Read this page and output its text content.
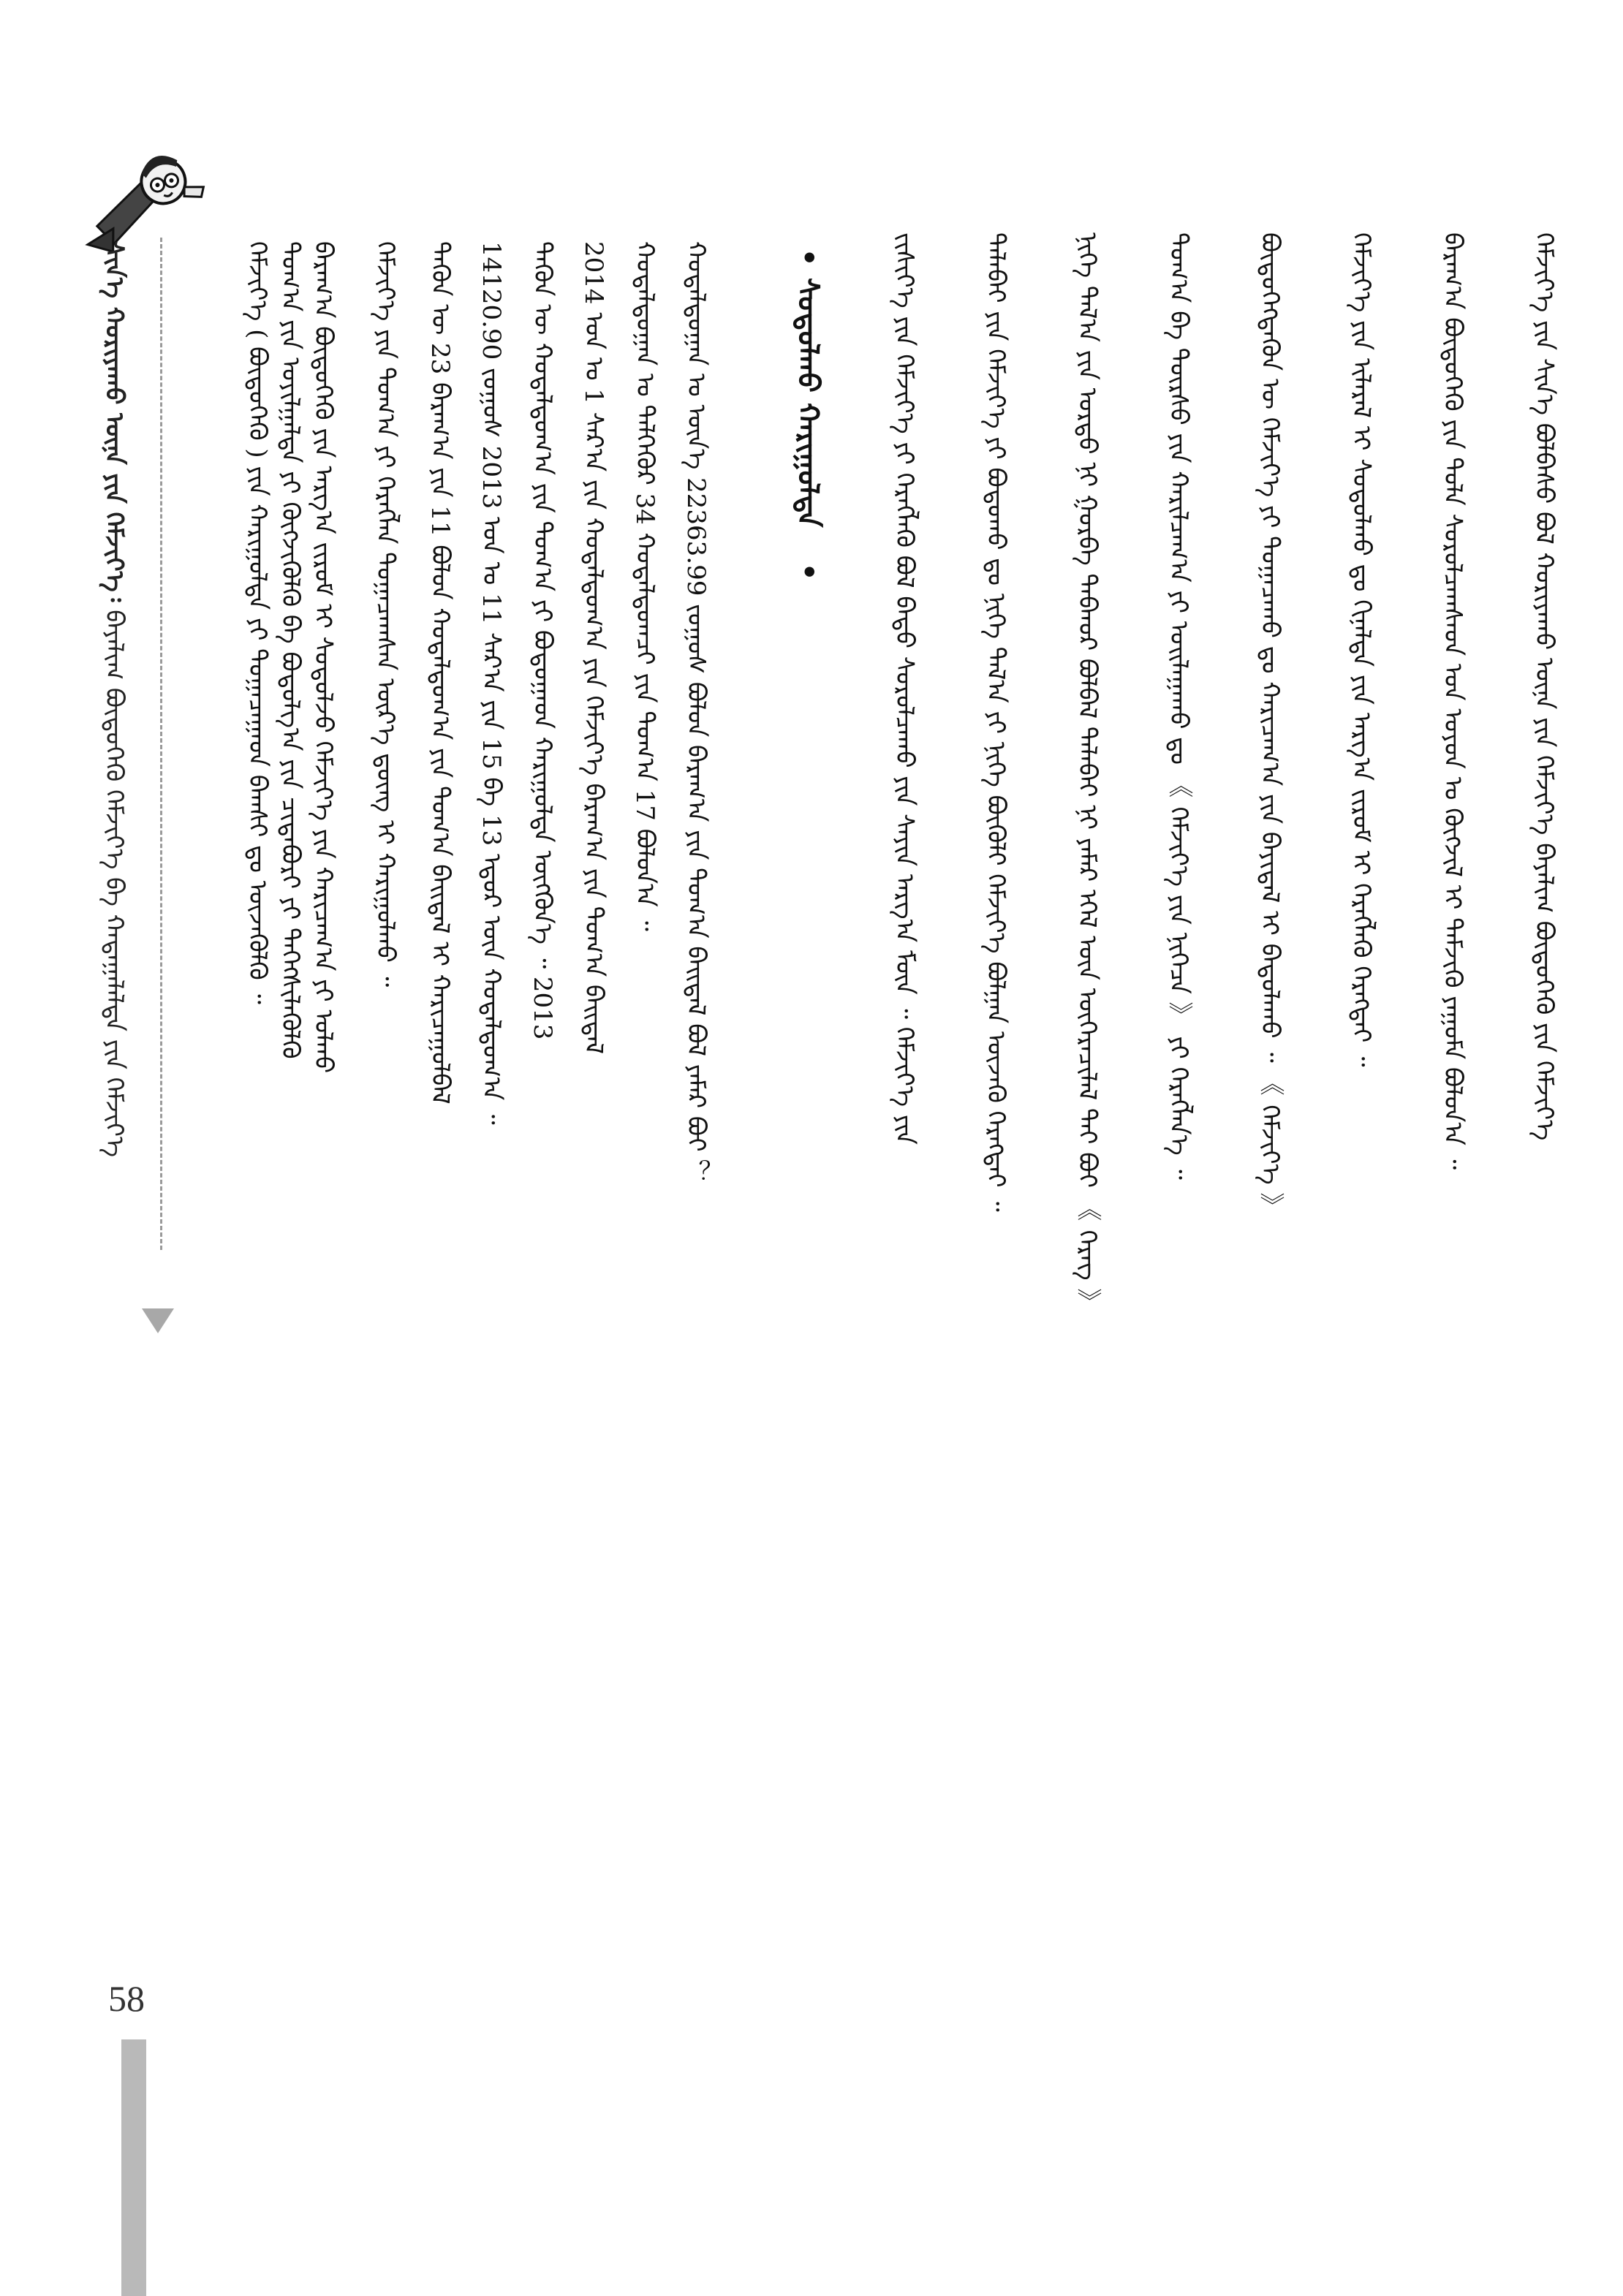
ᠰᠢᠨ᠎ᠡ ᠬᠤᠷᠢᠶᠠᠬᠤ ᠦᠨᠡ ᠶᠢᠨ ᠬᠡᠮᠵᠢᠶ᠎ᠡ᠄ ᠪᠠᠶᠠᠯᠢᠭ ᠪᠦᠲᠦᠭᠡᠬᠦ ᠬᠡᠮᠵᠢᠶ᠎ᠡ ᠪᠠ ᠬᠠᠳᠠᠭᠠᠯᠠᠯᠲᠠ ᠶᠢᠨ ᠬᠡᠮᠵᠢᠶ᠎ᠡ
58
ᠬᠡᠮᠵᠢᠶ᠎ᠡ ( ᠪᠦᠲᠦᠭᠡᠬᠦ ) ᠶᠢᠨ ᠬᠠᠷᠢᠭᠤᠯᠲᠠ ᠶᠢ ᠲᠣᠭᠠᠴᠠᠭᠠᠳ ᠪᠠᠭᠰᠢ ᠳᠤ ᠦᠵᠡᠭᠦᠯᠬᠦ ᠃ ᠲᠣᠭ᠎ᠠ ᠶᠢᠨ ᠣᠶᠢᠯᠭᠠᠯᠲᠠ ᠶᠢ ᠬᠥᠭᠵᠢᠭᠦᠯᠬᠦ ᠪᠠ ᠪᠣᠳᠣᠯᠭ᠎ᠠ ᠶᠢᠨ ᠴᠢᠳᠠᠪᠤᠷᠢ ᠶᠢ ᠳᠡᠭᠡᠭᠰᠢᠯᠡᠭᠦᠯᠬᠦ ᠪᠠᠷᠠᠭ᠎ᠠ ᠪᠦᠲᠦᠭᠡᠬᠦ ᠶᠢᠨ ᠠᠷᠭ᠎ᠠ ᠵᠢᠷᠤᠮ ᠢ ᠰᠤᠳᠤᠯᠵᠤ ᠬᠡᠮᠵᠢᠶ᠎ᠡ ᠶᠢᠨ ᠬᠠᠷᠢᠴᠠᠭ᠎ᠠ ᠶᠢ ᠣᠯᠬᠤ ᠬᠡᠮᠵᠢᠶ᠎ᠡ ᠶᠢᠨ ᠲᠣᠭ᠎ᠠ ᠶᠢ ᠬᠡᠷᠡᠭᠯᠡᠨ ᠲᠣᠭᠠᠴᠠᠭᠰᠠᠨ ᠦᠷ᠎ᠡ ᠳ᠋ᠦᠩ ᠢ ᠬᠠᠷᠢᠭᠤᠯᠬᠤ ᠃ ᠲᠡᠭᠦᠨ ᠦ 23 ᠪᠠᠷᠠᠭ᠎ᠠ ᠶᠢᠨ 11 ᠪᠣᠯᠤᠨ ᠬᠤᠳᠠᠯᠳᠤᠭ᠎ᠠ ᠶᠢᠨ ᠲᠣᠭ᠎ᠠ ᠪᠠᠢᠳᠠᠯ ᠢ ᠬᠠᠷᠢᠴᠠᠭᠤᠯᠪᠠᠯ 14120.90 ᠵᠣᠭᠣᠰ 2013 ᠣᠨ ᠤ 11 ᠰᠠᠷ᠎ᠠ ᠶᠢᠨ 15 ᠪᠠ 13 ᠡᠳᠦᠷ ᠦᠨ ᠬᠤᠳᠠᠯᠳᠤᠭ᠎ᠠ ᠃ ᠲᠡᠭᠦᠨ ᠦ ᠬᠤᠳᠠᠯᠳᠤᠭ᠎ᠠ ᠶᠢᠨ ᠲᠣᠭ᠎ᠠ ᠶᠢ ᠪᠣᠳᠣᠭᠠᠳ ᠬᠠᠷᠢᠭᠤᠯᠲᠠ ᠥᠭᠭᠦᠨ᠎ᠡ ᠃ 2013 2014 ᠣᠨ ᠤ 1 ᠰᠠᠷ᠎ᠠ ᠶᠢᠨ ᠬᠤᠳᠠᠯᠳᠤᠭ᠎ᠠ ᠶᠢᠨ ᠬᠡᠮᠵᠢᠶ᠎ᠡ ᠪᠠᠷᠠᠭ᠎ᠠ ᠶᠢᠨ ᠲᠣᠭ᠎ᠠ ᠪᠠᠢᠳᠠᠯ ᠬᠤᠳᠠᠯᠳᠤᠭᠠᠨ ᠤ ᠳᠡᠯᠭᠡᠭᠦᠷ 34 ᠬᠤᠳᠠᠯᠳᠤᠭᠴᠢ ᠶᠢᠨ ᠲᠣᠭ᠎ᠠ 17 ᠪᠣᠯᠤᠨ᠎ᠠ ᠃ ᠬᠤᠳᠠᠯᠳᠤᠭᠠᠨ ᠤ ᠦᠨ᠎ᠡ 22363.99 ᠵᠣᠭᠣᠰ ᠪᠣᠯᠤᠨ ᠪᠠᠷᠠᠭ᠎ᠠ ᠶᠢᠨ ᠲᠣᠭ᠎ᠠ ᠪᠠᠢᠳᠠᠯ ᠪᠣᠯ ᠶᠠᠮᠠᠷ ᠪᠣᠢ ？	•
ᠰᠣᠳᠤᠯᠬᠤ ᠬᠠᠷᠢᠭᠤᠯᠲᠠ
•	ᠵᠢᠱᠢᠶ᠎ᠡ ᠶᠢᠨ ᠬᠡᠮᠵᠢᠶ᠎ᠡ ᠶᠢ ᠬᠡᠷᠡᠭᠯᠡᠬᠦ ᠪᠣᠯ ᠪᠠᠳᠤ ᠰᠤᠷᠤᠯᠴᠠᠬᠤ ᠶᠢᠨ ᠰᠠᠶᠢᠨ ᠠᠷᠭ᠎ᠠ ᠮᠥᠨ ᠃ ᠬᠡᠮᠵᠢᠶ᠎ᠡ ᠶᠢᠨ	ᠲᠠᠯᠠᠪᠠᠢ ᠶᠢᠨ ᠬᠡᠮᠵᠢᠶ᠎ᠡ ᠶᠢ ᠪᠣᠳᠣᠬᠤ ᠳᠤ ᠨᠢᠭᠡ ᠲᠠᠯ᠎ᠠ ᠶᠢ ᠨᠢᠭᠡ ᠪᠦᠬᠦᠯᠢ ᠬᠡᠮᠵᠢᠶ᠎ᠡ ᠪᠣᠯᠭᠠᠨ ᠦᠵᠡᠬᠦ ᠬᠡᠷᠡᠭᠲᠡᠢ ᠃	ᠨᠢᠭᠡ ᠲᠠᠯ᠎ᠠ ᠶᠢᠨ ᠤᠷᠲᠤ ᠨᠢ ᠭᠤᠷᠪᠠ ᠳᠠᠪᠬᠤᠷ ᠪᠣᠯᠪᠠᠯ ᠲᠠᠯᠠᠪᠠᠢ ᠨᠢ ᠶᠠᠮᠠᠷ ᠡᠭᠡᠯ ᠦᠨ ᠥᠭᠡᠷᠡᠴᠢᠯᠡᠯ ᠲᠡᠢ ᠪᠣᠢ 《 ᠬᠡᠷᠡᠭ 》	ᠲᠣᠭ᠎ᠠ ᠪᠠ ᠳᠦᠷᠰᠦ ᠶᠢᠨ ᠬᠠᠷᠢᠯᠴᠠᠭ᠎ᠠ ᠶᠢ ᠣᠢᠯᠠᠭᠠᠬᠤ ᠳᠤ 《 ᠬᠡᠮᠵᠢᠶ᠎ᠡ ᠶᠢᠨ ᠨᠢᠭᠡᠴᠡ 》 ᠶᠢ ᠬᠡᠷᠡᠭᠯᠡᠨ᠎ᠡ ᠃	ᠪᠦᠲᠦᠭᠡᠭᠳᠡᠬᠦᠨ ᠦ ᠬᠡᠮᠵᠢᠶ᠎ᠡ ᠶᠢ ᠲᠣᠭᠠᠴᠠᠬᠤ ᠳᠤ ᠬᠠᠷᠢᠴᠠᠭ᠎ᠠ ᠶᠢᠨ ᠪᠠᠶᠢᠳᠠᠯ ᠢ ᠪᠠᠲᠤᠯᠠᠬᠤ ᠃ 《 ᠬᠡᠮᠵᠢᠶ᠎ᠡ 》	ᠬᠡᠮᠵᠢᠶ᠎ᠡ ᠶᠢᠨ ᠢᠯᠡᠷᠡᠯ ᠢ ᠰᠤᠳᠤᠯᠬᠤ ᠳᠤ ᠬᠢᠨᠠᠯᠲᠠ ᠶᠢᠨ ᠠᠷᠭ᠎ᠠ ᠵᠢᠷᠤᠮ ᠢ ᠬᠡᠷᠡᠭᠯᠡᠬᠦ ᠬᠡᠷᠡᠭᠲᠡᠢ ᠃	ᠪᠠᠷᠠᠭ᠎ᠠ ᠪᠦᠲᠦᠭᠡᠬᠦ ᠶᠢᠨ ᠲᠤᠯᠠ ᠰᠤᠷᠤᠯᠴᠠᠭᠰᠠᠳ ᠤᠨ ᠣᠶᠤᠨ ᠤ ᠬᠥᠭᠵᠢᠯ ᠢ ᠳᠡᠮᠵᠢᠬᠦ ᠶᠠᠭᠤᠮᠠ ᠪᠣᠯᠤᠨ᠎ᠠ ᠃	ᠬᠡᠮᠵᠢᠶ᠎ᠡ ᠶᠢᠨ ᠰᠢᠨ᠎ᠡ ᠪᠣᠯᠪᠠᠰᠤ ᠪᠣᠯ ᠬᠤᠷᠢᠶᠠᠬᠤ ᠦᠨᠡ ᠶᠢᠨ ᠬᠡᠮᠵᠢᠶ᠎ᠡ ᠪᠠᠶᠠᠯᠢᠭ ᠪᠦᠲᠦᠭᠡᠬᠦ ᠶᠢᠨ ᠬᠡᠮᠵᠢᠶ᠎ᠡ
